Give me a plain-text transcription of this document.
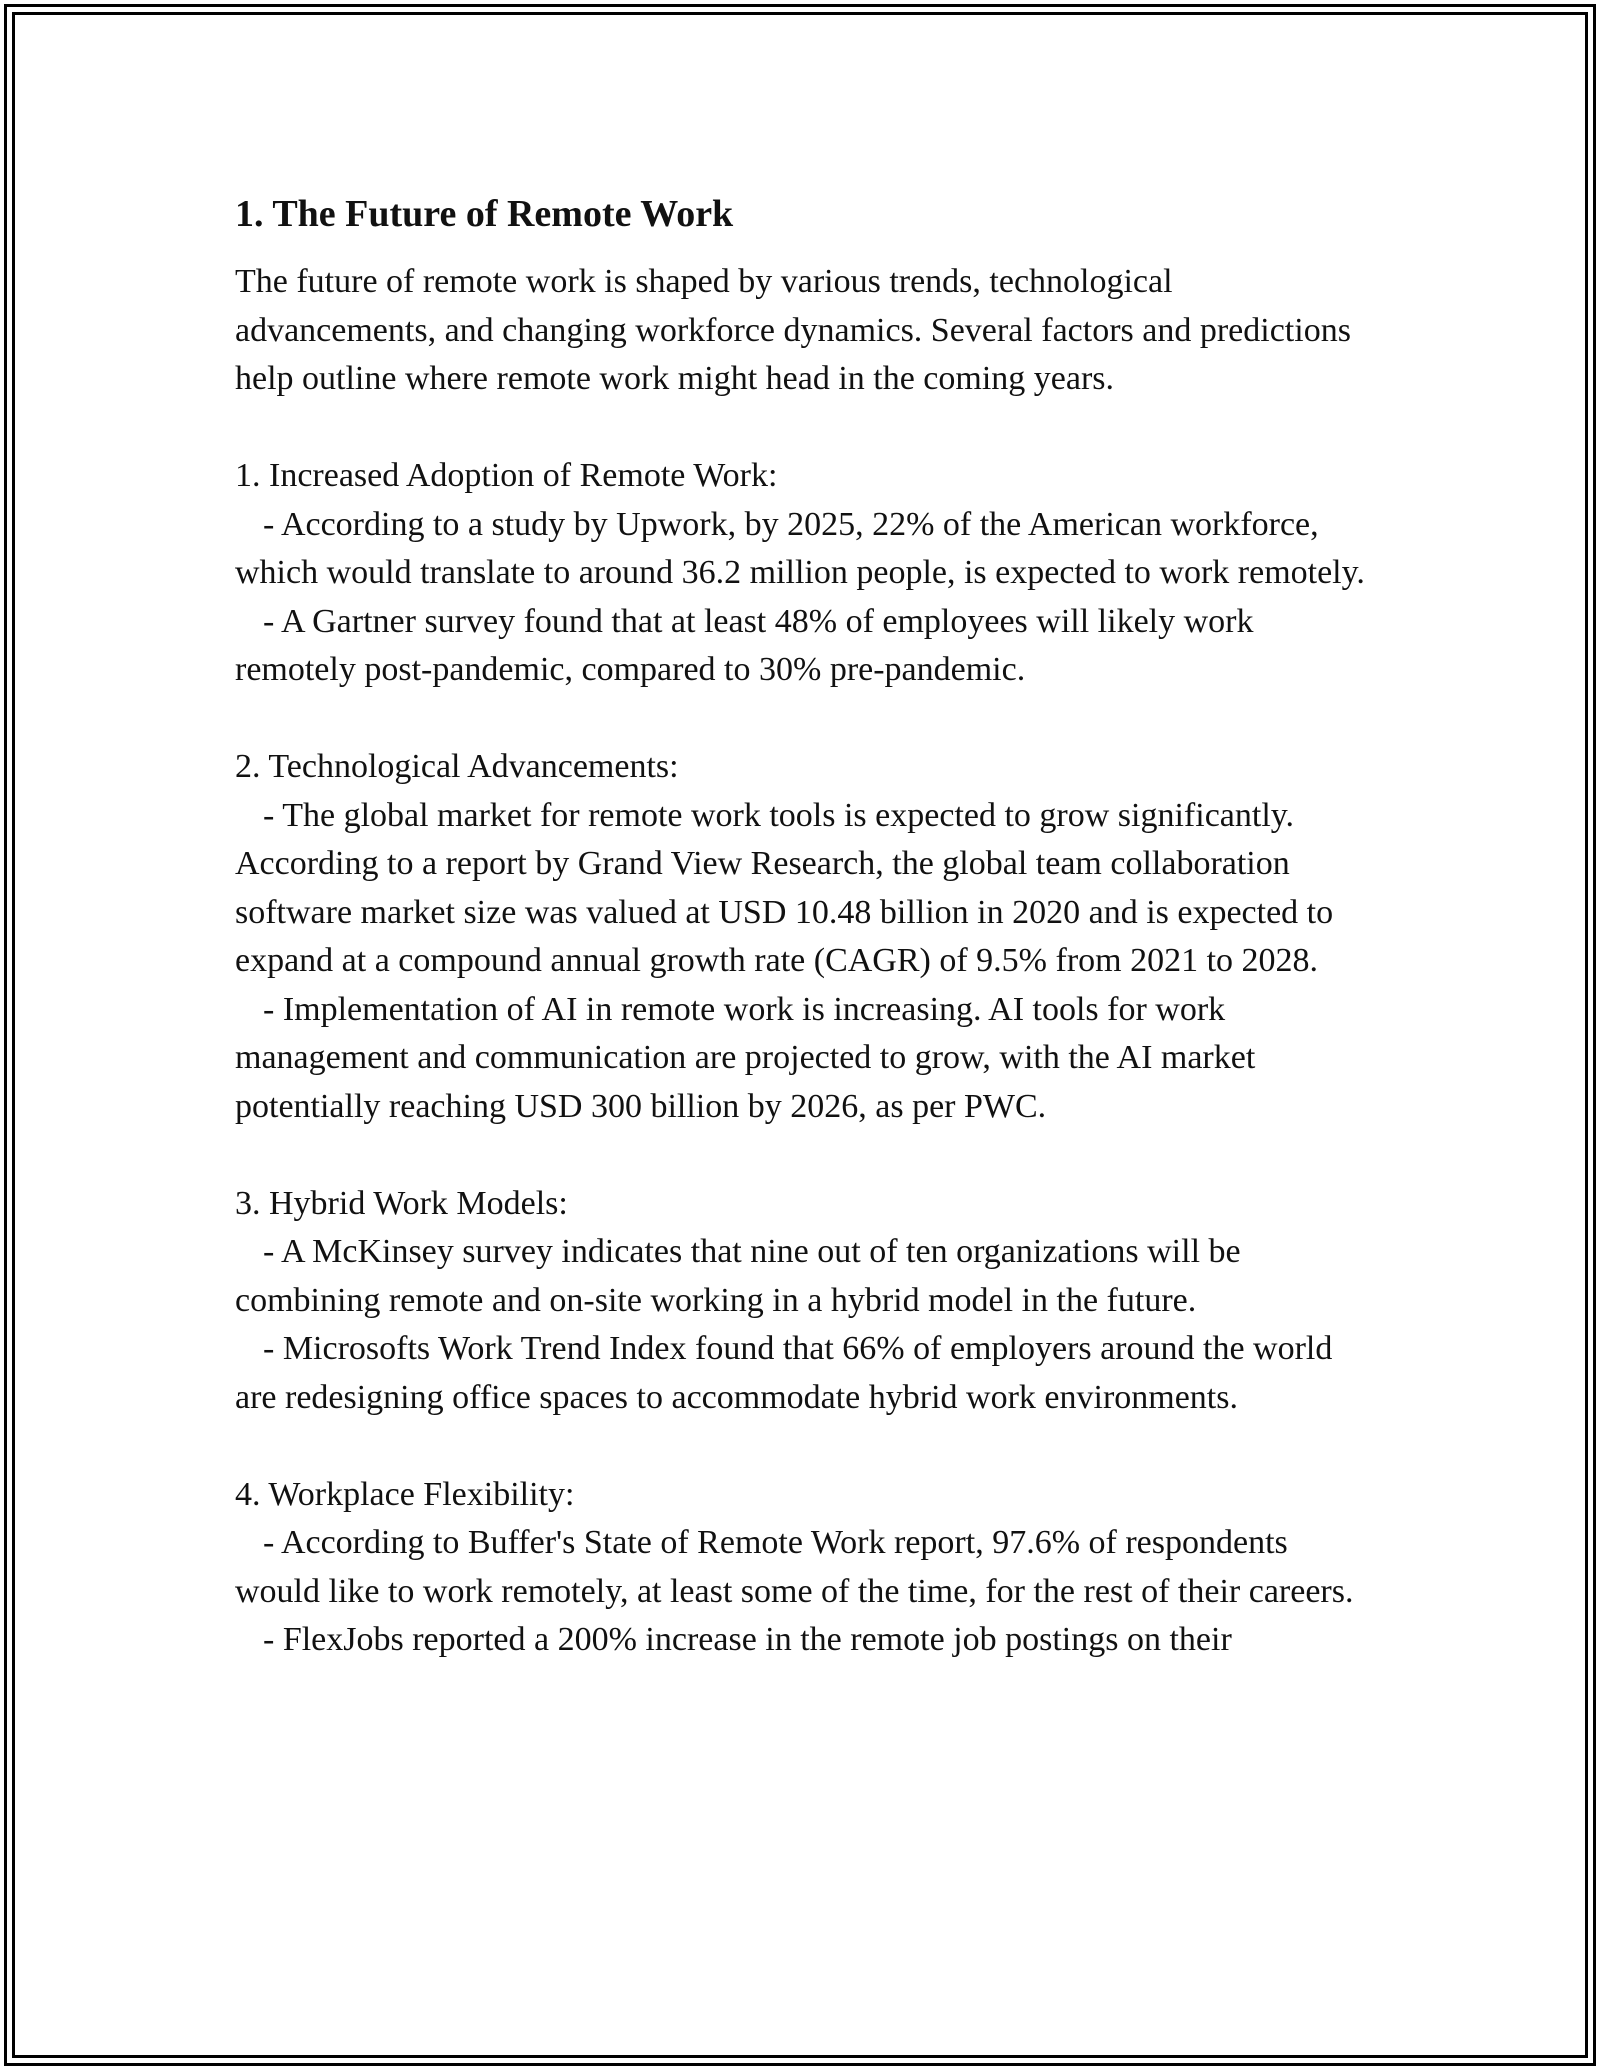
1. The Future of Remote Work

The future of remote work is shaped by various trends, technological advancements, and changing workforce dynamics. Several factors and predictions help outline where remote work might head in the coming years.

1. Increased Adoption of Remote Work:

- According to a study by Upwork, by 2025, 22% of the American workforce, which would translate to around 36.2 million people, is expected to work remotely.

- A Gartner survey found that at least 48% of employees will likely work remotely post-pandemic, compared to 30% pre-pandemic.

2. Technological Advancements:

- The global market for remote work tools is expected to grow significantly. According to a report by Grand View Research, the global team collaboration software market size was valued at USD 10.48 billion in 2020 and is expected to expand at a compound annual growth rate (CAGR) of 9.5% from 2021 to 2028.

- Implementation of AI in remote work is increasing. AI tools for work management and communication are projected to grow, with the AI market potentially reaching USD 300 billion by 2026, as per PWC.

3. Hybrid Work Models:

- A McKinsey survey indicates that nine out of ten organizations will be combining remote and on-site working in a hybrid model in the future.

- Microsofts Work Trend Index found that 66% of employers around the world are redesigning office spaces to accommodate hybrid work environments.

4. Workplace Flexibility:

- According to Buffer's State of Remote Work report, 97.6% of respondents would like to work remotely, at least some of the time, for the rest of their careers.

- FlexJobs reported a 200% increase in the remote job postings on their
